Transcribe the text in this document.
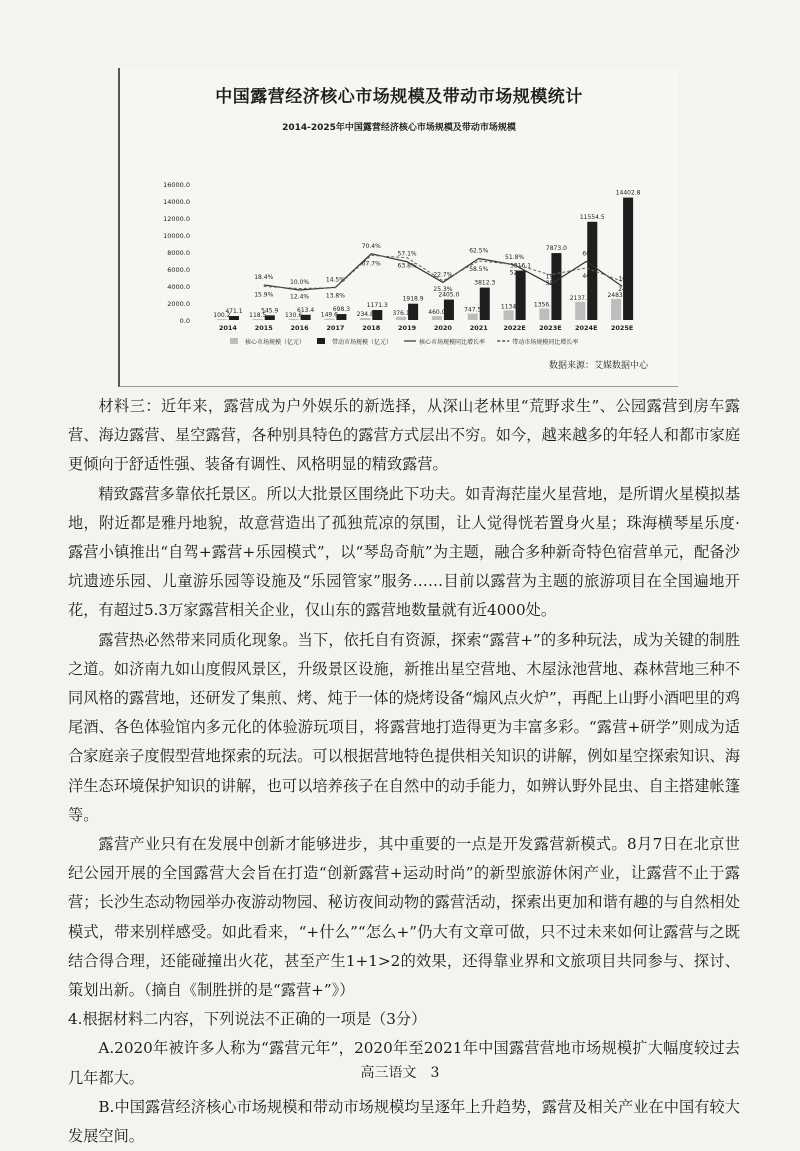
中国露营经济核心市场规模及带动市场规模统计
2014-2025年中国露营经济核心市场规模及带动市场规模
0.0
2000.0
4000.0
6000.0
8000.0
10000.0
12000.0
14000.0
16000.0
100.2
471.1
2014
118.5
545.9
2015
130.6
613.4
2016
149.6
698.3
2017
234.8
1171.3
2018
376.1
1918.9
2019
460.0
2405.0
2020
747.5
3812.3
2021
1134
5816.1
2022E
1356.1
7873.0
2023E
2137.7
11554.5
2024E
2483.
14402.8
2025E
18.4%
10.0%	14.5%
70.4%
57.1%
22.7%
62.5%
51.8%
19.
60
16
15.9%	12.4%	13.8%
67.7%	63.8%
25.3%
58.5%
52.
35.
46
24
核心市场规模（亿元）	带动市场规模（亿元）	核心市场规模同比增长率	带动市场规模同比增长率
数据来源：艾媒数据中心

材料三：近年来，露营成为户外娱乐的新选择，从深山老林里“荒野求生”、公园露营到房车露营、海边露营、星空露营，各种别具特色的露营方式层出不穷。如今，越来越多的年轻人和都市家庭更倾向于舒适性强、装备有调性、风格明显的精致露营。

精致露营多靠依托景区。所以大批景区围绕此下功夫。如青海茫崖火星营地，是所谓火星模拟基地，附近都是雅丹地貌，故意营造出了孤独荒凉的氛围，让人觉得恍若置身火星；珠海横琴星乐度·露营小镇推出“自驾+露营+乐园模式”，以“琴岛奇航”为主题，融合多种新奇特色宿营单元，配备沙坑遗迹乐园、儿童游乐园等设施及“乐园管家”服务……目前以露营为主题的旅游项目在全国遍地开花，有超过5.3万家露营相关企业，仅山东的露营地数量就有近4000处。

露营热必然带来同质化现象。当下，依托自有资源，探索“露营+”的多种玩法，成为关键的制胜之道。如济南九如山度假风景区，升级景区设施，新推出星空营地、木屋泳池营地、森林营地三种不同风格的露营地，还研发了集煎、烤、炖于一体的烧烤设备“煽风点火炉”，再配上山野小酒吧里的鸡尾酒、各色体验馆内多元化的体验游玩项目，将露营地打造得更为丰富多彩。“露营+研学”则成为适合家庭亲子度假型营地探索的玩法。可以根据营地特色提供相关知识的讲解，例如星空探索知识、海洋生态环境保护知识的讲解，也可以培养孩子在自然中的动手能力，如辨认野外昆虫、自主搭建帐篷等。

露营产业只有在发展中创新才能够进步，其中重要的一点是开发露营新模式。8月7日在北京世纪公园开展的全国露营大会旨在打造“创新露营+运动时尚”的新型旅游休闲产业，让露营不止于露营；长沙生态动物园举办夜游动物园、秘访夜间动物的露营活动，探索出更加和谐有趣的与自然相处模式，带来别样感受。如此看来，“+什么”“怎么+”仍大有文章可做，只不过未来如何让露营与之既结合得合理，还能碰撞出火花，甚至产生1+1>2的效果，还得靠业界和文旅项目共同参与、探讨、策划出新。（摘自《制胜拼的是“露营+”》）

4.根据材料二内容，下列说法不正确的一项是（3分）
A.2020年被许多人称为“露营元年”，2020年至2021年中国露营营地市场规模扩大幅度较过去几年都大。
B.中国露营经济核心市场规模和带动市场规模均呈逐年上升趋势，露营及相关产业在中国有较大发展空间。
高三语文　3
